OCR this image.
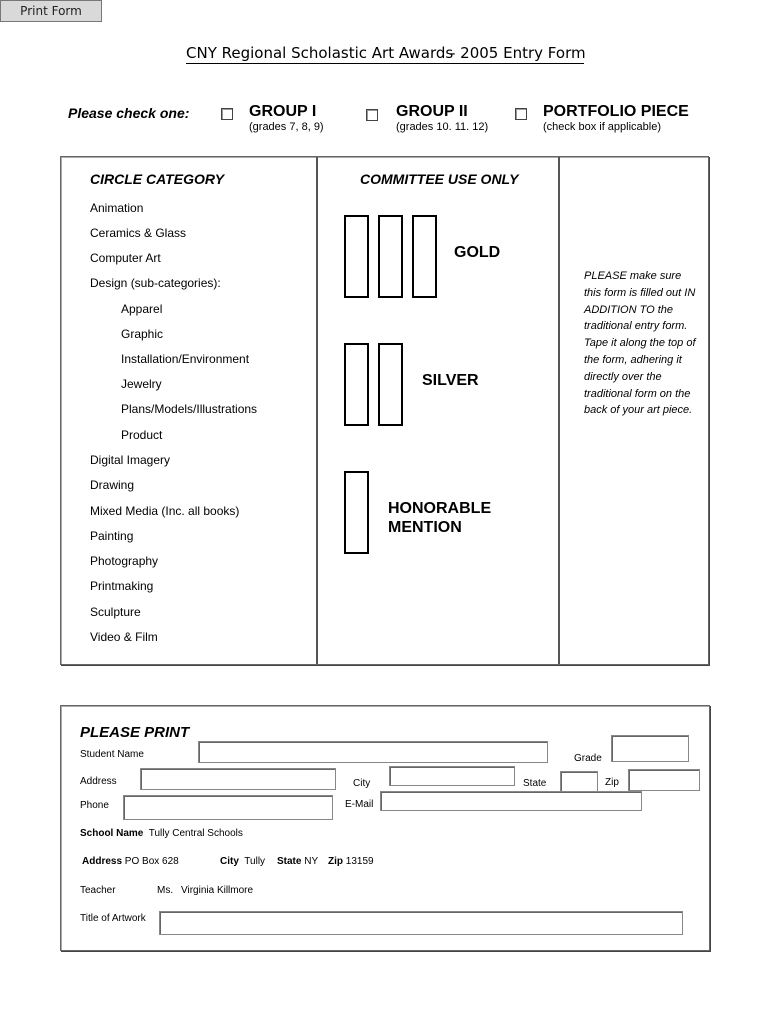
Print Form
CNY Regional Scholastic Art Awards- 2005 Entry Form
Please check one:	GROUP I
(grades 7, 8, 9)
GROUP II
(grades 10. 11. 12)
PORTFOLIO PIECE
(check box if applicable)
CIRCLE CATEGORY
Animation
Ceramics & Glass
Computer Art
Design (sub-categories):
Apparel
Graphic
Installation/Environment
Jewelry
Plans/Models/Illustrations
Product
Digital Imagery
Drawing
Mixed Media (Inc. all books)
Painting
Photography
Printmaking
Sculpture
Video & Film
COMMITTEE USE ONLY
GOLD
SILVER
HONORABLE
MENTION
PLEASE make sure this form is filled out IN ADDITION TO the traditional entry form. Tape it along the top of the form, adhering it directly over the traditional form on the back of your art piece.
PLEASE PRINT
Student Name	Grade
Address	City	State	Zip
Phone	E-Mail
School Name Tully Central Schools
Address PO Box 628	City Tully State NY Zip 13159
Teacher	Ms. Virginia Killmore
Title of Artwork
